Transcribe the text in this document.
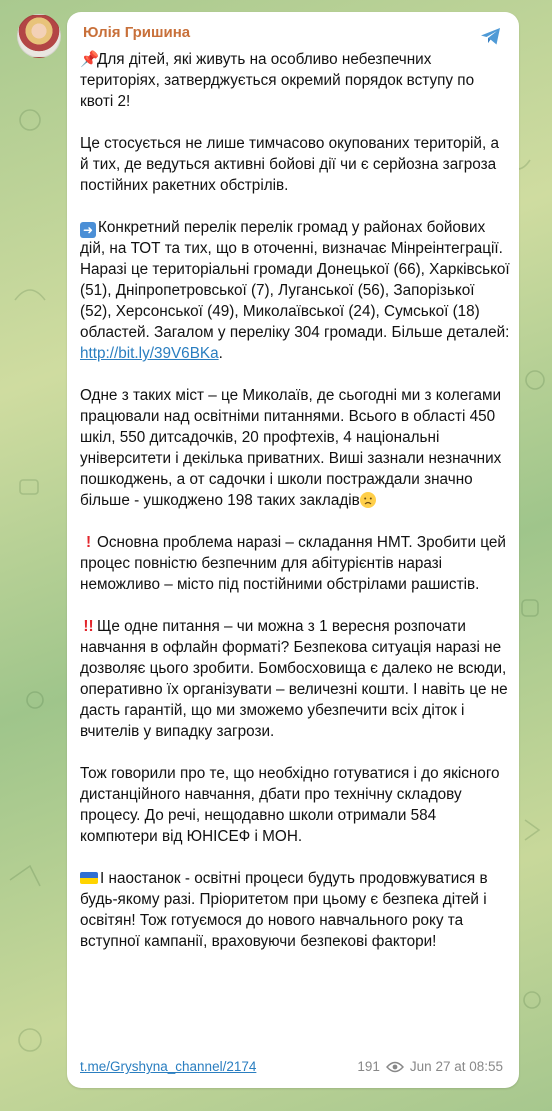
Юлія Гришина

📌Для дітей, які живуть на особливо небезпечних територіях, затверджується окремий порядок вступу по квоті 2!

Це стосується не лише тимчасово окупованих територій, а й тих, де ведуться активні бойові дії чи є серйозна загроза постійних ракетних обстрілів.

➜ Конкретний перелік перелік громад у районах бойових дій, на ТОТ та тих, що в оточенні, визначає Мінреінтеграції. Наразі це територіальні громади Донецької (66), Харківської (51), Дніпропетровської (7), Луганської (56), Запорізької (52), Херсонської (49), Миколаївської (24), Сумської (18) областей. Загалом у переліку 304 громади. Більше деталей: http://bit.ly/39V6BKa.

Одне з таких міст – це Миколаїв, де сьогодні ми з колегами працювали над освітніми питаннями. Всього в області 450 шкіл, 550 дитсадочків, 20 профтехів, 4 національні університети і декілька приватних. Виші зазнали незначних пошкоджень, а от садочки і школи постраждали значно більше - ушкоджено 198 таких закладів

! Основна проблема наразі – складання НМТ. Зробити цей процес повністю безпечним для абітурієнтів наразі неможливо – місто під постійними обстрілами рашистів.

!! Ще одне питання – чи можна з 1 вересня розпочати навчання в офлайн форматі? Безпекова ситуація наразі не дозволяє цього зробити. Бомбосховища є далеко не всюди, оперативно їх організувати – величезні кошти. І навіть це не дасть гарантій, що ми зможемо убезпечити всіх діток і вчителів у випадку загрози.

Тож говорили про те, що необхідно готуватися і до якісного дистанційного навчання, дбати про технічну складову процесу. До речі, нещодавно школи отримали 584 компютери від ЮНІСЕФ і МОН.

І наостанок - освітні процеси будуть продовжуватися в будь-якому разі. Пріоритетом при цьому є безпека дітей і освітян! Тож готуємося до нового навчального року та вступної кампанії, враховуючи безпекові фактори!

t.me/Gryshyna_channel/2174	191 Jun 27 at 08:55
